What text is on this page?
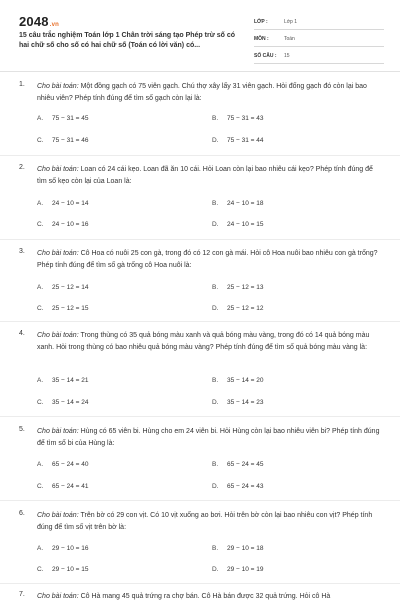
2048.vn
15 câu trắc nghiệm Toán lớp 1 Chân trời sáng tạo Phép trừ số có hai chữ số cho số có hai chữ số (Toán có lời văn) có...
LỚP :	Lớp 1
MÔN :	Toán
SỐ CÂU :	15
1. Cho bài toán: Một đồng gạch có 75 viên gạch. Chú thợ xây lấy 31 viên gạch. Hỏi đống gạch đó còn lại bao nhiêu viên? Phép tính đúng để tìm số gạch còn lại là:
A.	75 − 31 = 45	B.	75 − 31 = 43
C.	75 − 31 = 46	D.	75 − 31 = 44
2. Cho bài toán: Loan có 24 cái kẹo. Loan đã ăn 10 cái. Hỏi Loan còn lại bao nhiêu cái kẹo? Phép tính đúng để tìm số kẹo còn lại của Loan là:
A.	24 − 10 = 14	B.	24 − 10 = 18
C.	24 − 10 = 16	D.	24 − 10 = 15
3. Cho bài toán: Cô Hoa có nuôi 25 con gà, trong đó có 12 con gà mái. Hỏi cô Hoa nuôi bao nhiêu con gà trống? Phép tính đúng để tìm số gà trống cô Hoa nuôi là:
A.	25 − 12 = 14	B.	25 − 12 = 13
C.	25 − 12 = 15	D.	25 − 12 = 12
4. Cho bài toán: Trong thùng có 35 quả bóng màu xanh và quả bóng màu vàng, trong đó có 14 quả bóng màu xanh. Hỏi trong thùng có bao nhiêu quả bóng màu vàng? Phép tính đúng để tìm số quả bóng màu vàng là:
A.	35 − 14 = 21	B.	35 − 14 = 20
C.	35 − 14 = 24	D.	35 − 14 = 23
5. Cho bài toán: Hùng có 65 viên bi. Hùng cho em 24 viên bi. Hỏi Hùng còn lại bao nhiêu viên bi? Phép tính đúng để tìm số bi của Hùng là:
A.	65 − 24 = 40	B.	65 − 24 = 45
C.	65 − 24 = 41	D.	65 − 24 = 43
6. Cho bài toán: Trên bờ có 29 con vịt. Có 10 vịt xuống ao bơi. Hỏi trên bờ còn lại bao nhiêu con vịt? Phép tính đúng để tìm số vịt trên bờ là:
A.	29 − 10 = 16	B.	29 − 10 = 18
C.	29 − 10 = 15	D.	29 − 10 = 19
7. Cho bài toán: Cô Hà mang 45 quả trứng ra chợ bán. Cô Hà bán được 32 quả trứng. Hỏi cô Hà
